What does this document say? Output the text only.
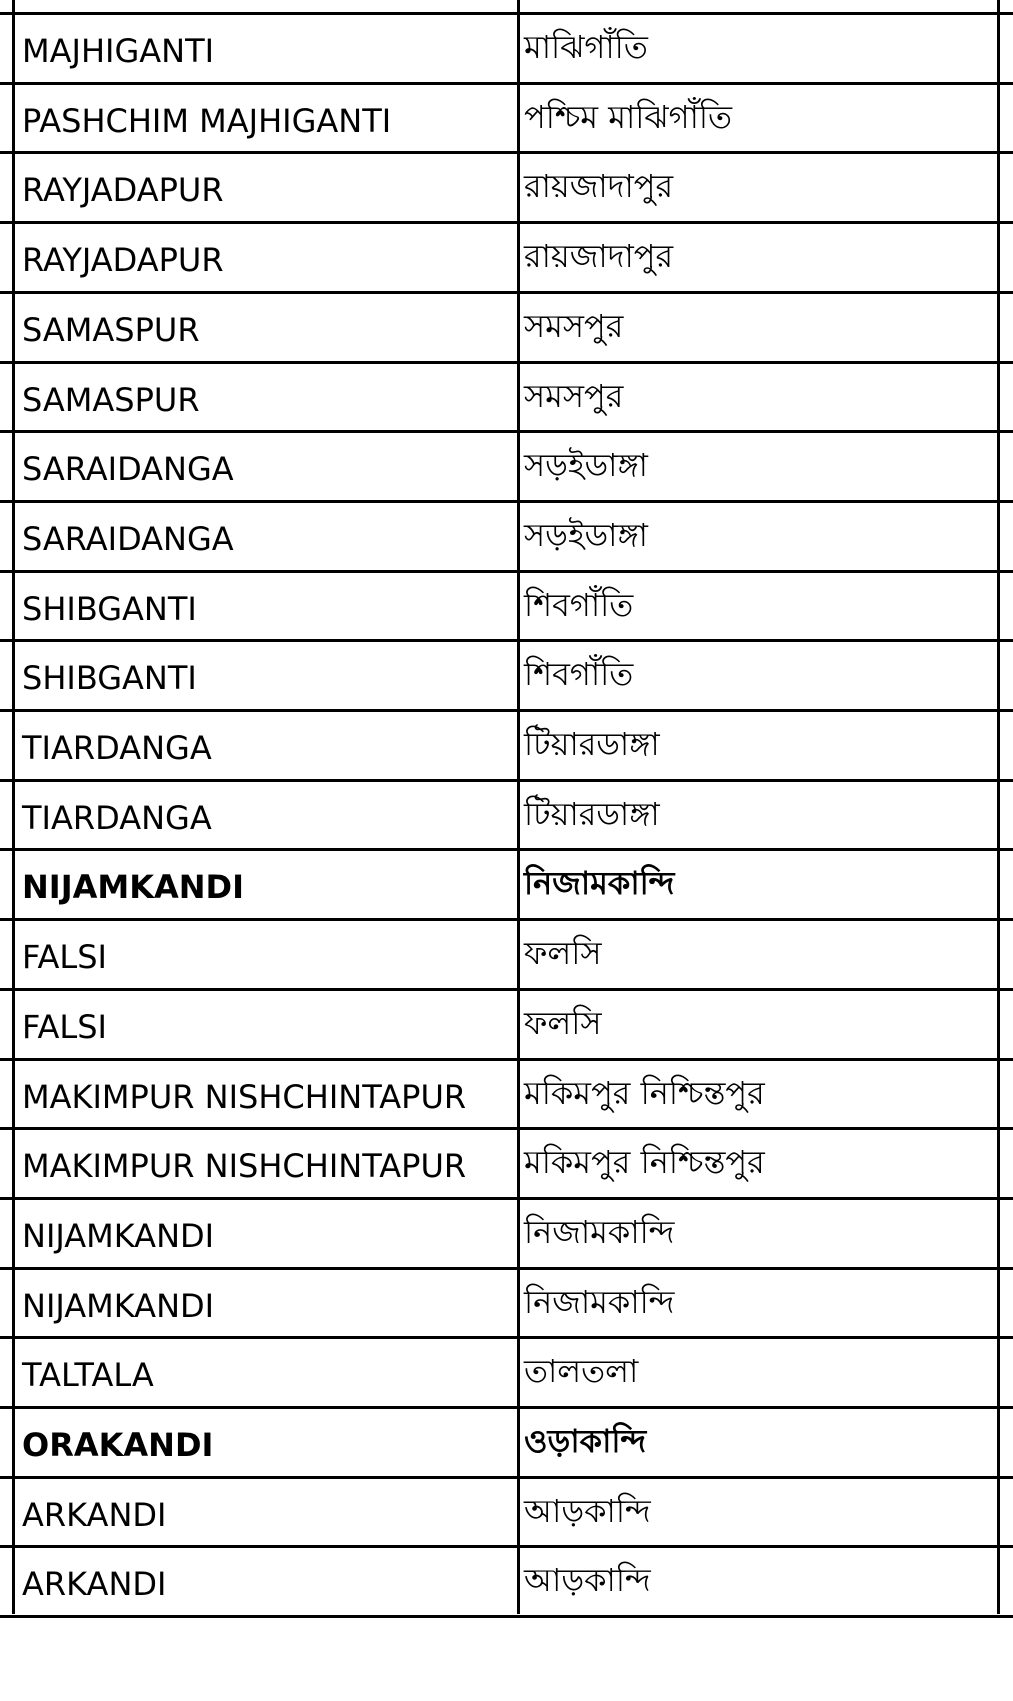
MAJHIGANTI	মাঝিগাঁতি
PASHCHIM MAJHIGANTI	পশ্চিম মাঝিগাঁতি
RAYJADAPUR	রায়জাদাপুর
RAYJADAPUR	রায়জাদাপুর
SAMASPUR	সমসপুর
SAMASPUR	সমসপুর
SARAIDANGA	সড়ইডাঙ্গা
SARAIDANGA	সড়ইডাঙ্গা
SHIBGANTI	শিবগাঁতি
SHIBGANTI	শিবগাঁতি
TIARDANGA	টিয়ারডাঙ্গা
TIARDANGA	টিয়ারডাঙ্গা
NIJAMKANDI	নিজামকান্দি
FALSI	ফলসি
FALSI	ফলসি
MAKIMPUR NISHCHINTAPUR মকিমপুর নিশ্চিন্তপুর
MAKIMPUR NISHCHINTAPUR মকিমপুর নিশ্চিন্তপুর
NIJAMKANDI	নিজামকান্দি
NIJAMKANDI	নিজামকান্দি
TALTALA	তালতলা
ORAKANDI	ওড়াকান্দি
ARKANDI	আড়কান্দি
ARKANDI	আড়কান্দি
